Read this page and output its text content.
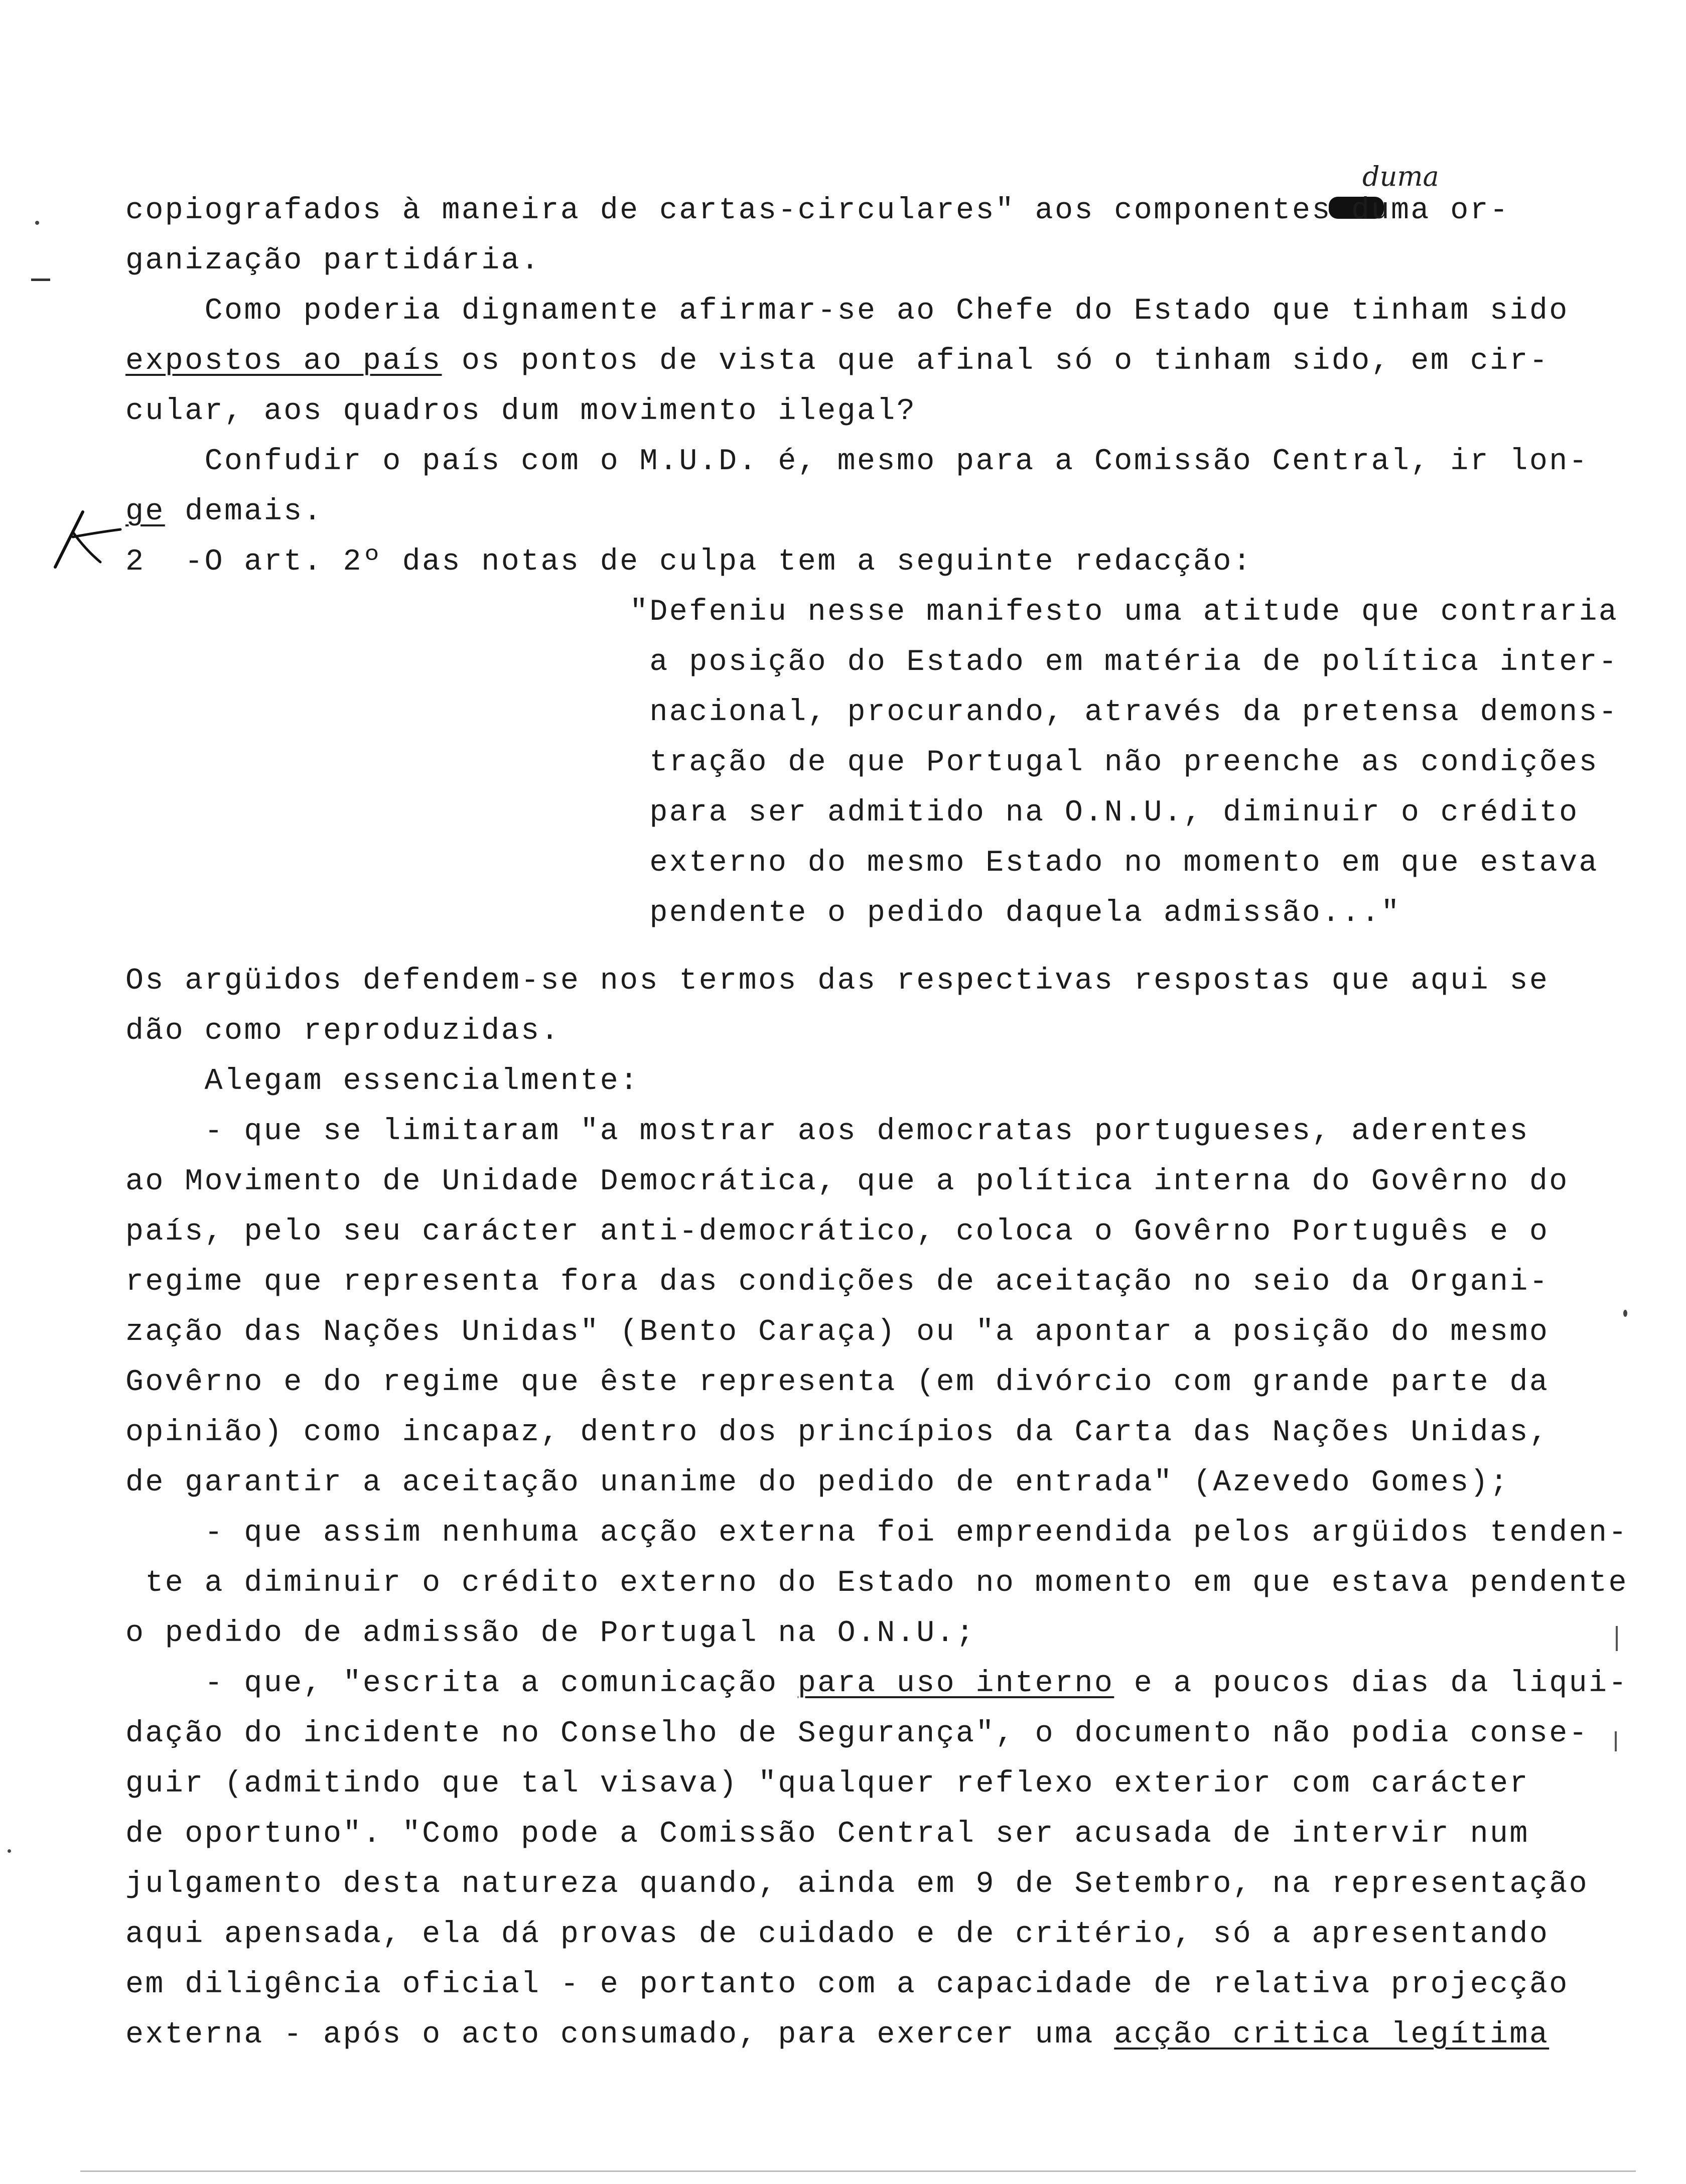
duma
copiografados à maneira de cartas-circulares" aos componentes duma or-
ganização partidária.
Como poderia dignamente afirmar-se ao Chefe do Estado que tinham sido
expostos ao país os pontos de vista que afinal só o tinham sido, em cir-
cular, aos quadros dum movimento ilegal?
Confudir o país com o M.U.D. é, mesmo para a Comissão Central, ir lon-
ge demais.
2  -O art. 2º das notas de culpa tem a seguinte redacção:
"Defeniu nesse manifesto uma atitude que contraria
a posição do Estado em matéria de política inter-
nacional, procurando, através da pretensa demons-
tração de que Portugal não preenche as condições
para ser admitido na O.N.U., diminuir o crédito
externo do mesmo Estado no momento em que estava
pendente o pedido daquela admissão..."
Os argüidos defendem-se nos termos das respectivas respostas que aqui se
dão como reproduzidas.
Alegam essencialmente:
- que se limitaram "a mostrar aos democratas portugueses, aderentes
ao Movimento de Unidade Democrática, que a política interna do Govêrno do
país, pelo seu carácter anti-democrático, coloca o Govêrno Português e o
regime que representa fora das condições de aceitação no seio da Organi-
zação das Nações Unidas" (Bento Caraça) ou "a apontar a posição do mesmo
Govêrno e do regime que êste representa (em divórcio com grande parte da
opinião) como incapaz, dentro dos princípios da Carta das Nações Unidas,
de garantir a aceitação unanime do pedido de entrada" (Azevedo Gomes);
- que assim nenhuma acção externa foi empreendida pelos argüidos tenden-
te a diminuir o crédito externo do Estado no momento em que estava pendente
o pedido de admissão de Portugal na O.N.U.;
- que, "escrita a comunicação para uso interno e a poucos dias da liqui-
dação do incidente no Conselho de Segurança", o documento não podia conse-
guir (admitindo que tal visava) "qualquer reflexo exterior com carácter
de oportuno". "Como pode a Comissão Central ser acusada de intervir num
julgamento desta natureza quando, ainda em 9 de Setembro, na representação
aqui apensada, ela dá provas de cuidado e de critério, só a apresentando
em diligência oficial - e portanto com a capacidade de relativa projecção
externa - após o acto consumado, para exercer uma acção critica legítima
